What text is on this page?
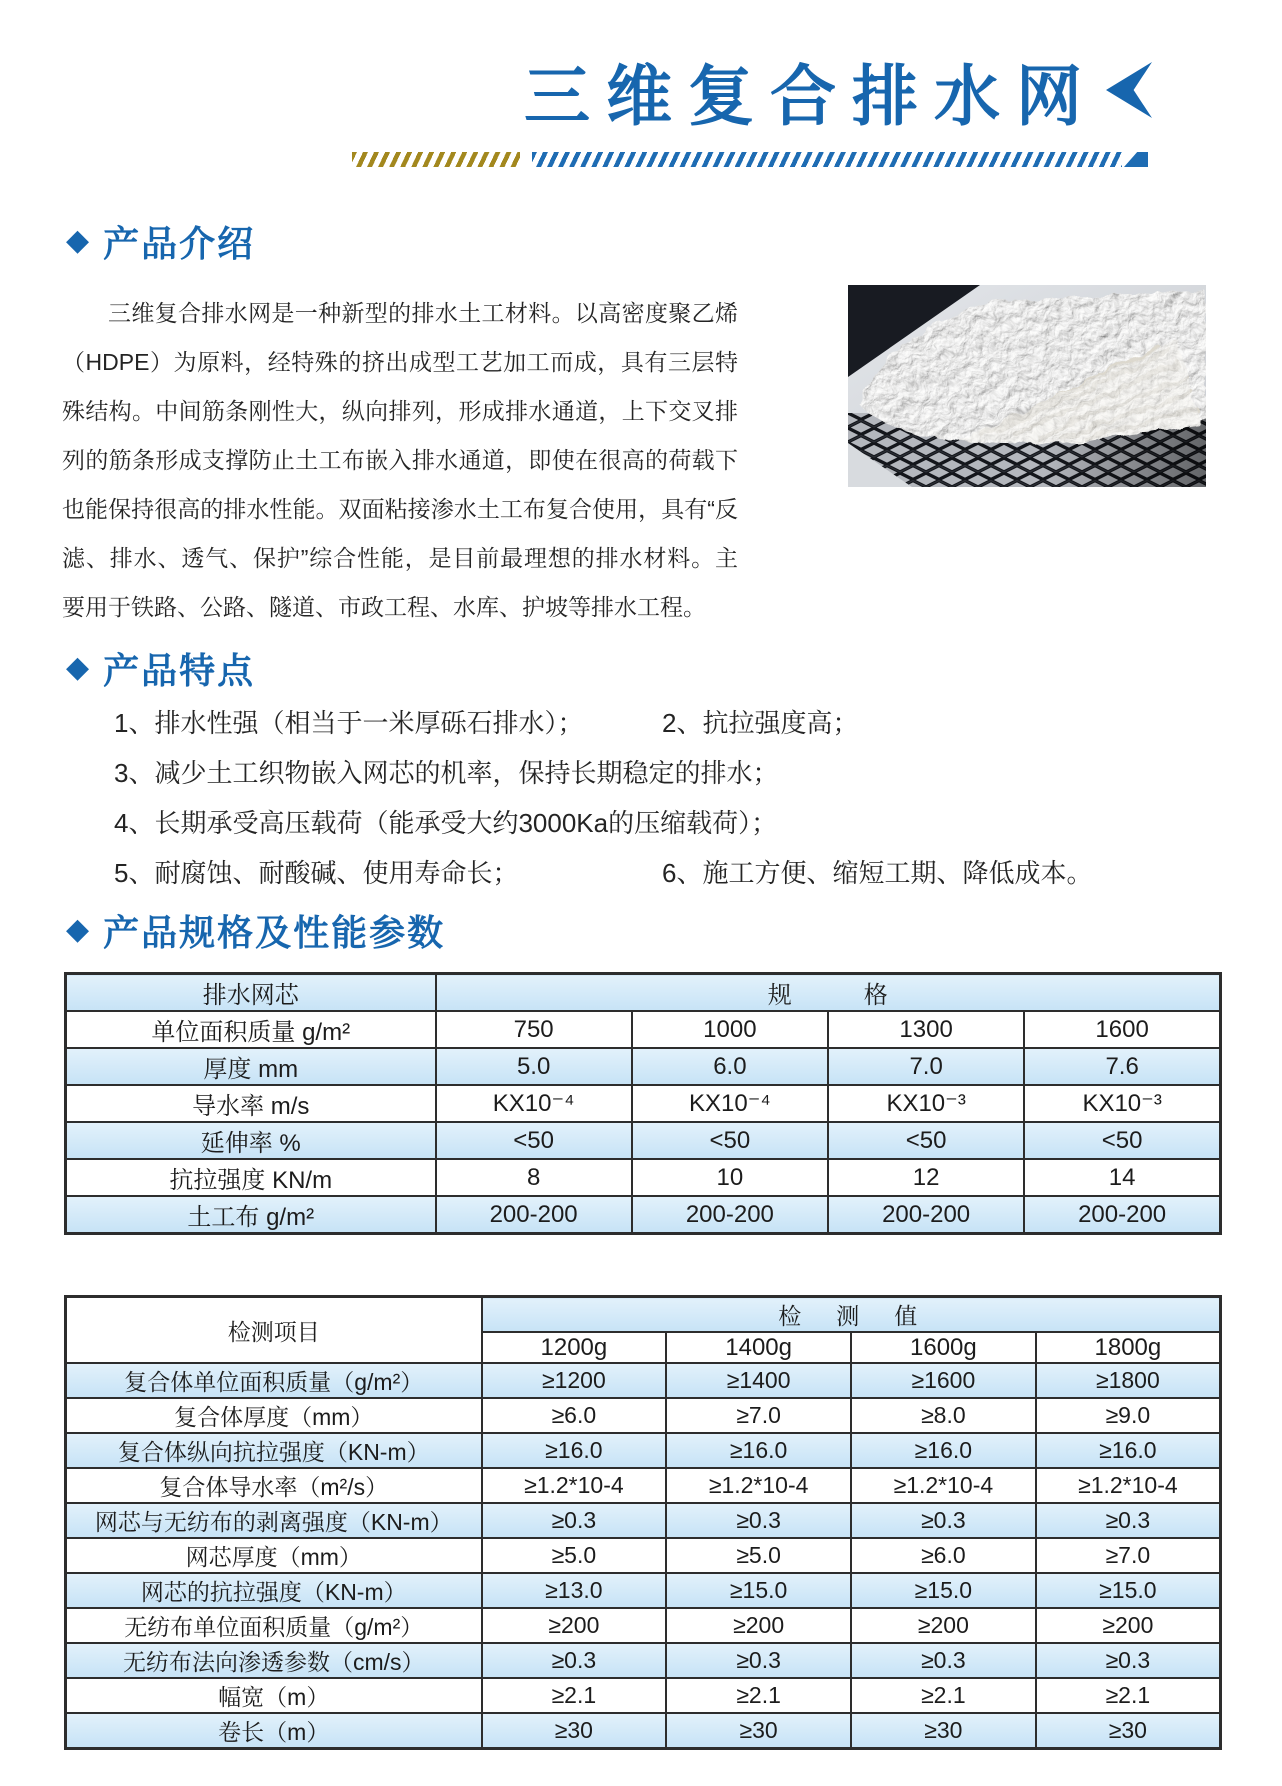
三维复合排水网
◆ 产品介绍
三维复合排水网是一种新型的排水土工材料。以高密度聚乙烯
（HDPE）为原料，经特殊的挤出成型工艺加工而成，具有三层特
殊结构。中间筋条刚性大，纵向排列，形成排水通道，上下交叉排
列的筋条形成支撑防止土工布嵌入排水通道，即使在很高的荷载下
也能保持很高的排水性能。双面粘接渗水土工布复合使用，具有“反
滤、排水、透气、保护”综合性能，是目前最理想的排水材料。主
要用于铁路、公路、隧道、市政工程、水库、护坡等排水工程。
◆ 产品特点
1、排水性强（相当于一米厚砾石排水）；	2、抗拉强度高；
3、减少土工织物嵌入网芯的机率，保持长期稳定的排水；
4、长期承受高压载荷（能承受大约3000Ka的压缩载荷）；
5、耐腐蚀、耐酸碱、使用寿命长；	6、施工方便、缩短工期、降低成本。
◆ 产品规格及性能参数
排水网芯	规　　　格			
单位面积质量 g/m²	750	1000	1300	1600
厚度 mm	5.0	6.0	7.0	7.6
导水率 m/s	KX10⁻⁴	KX10⁻⁴	KX10⁻³	KX10⁻³
延伸率 %	<50	<50	<50	<50
抗拉强度 KN/m	8	10	12	14
土工布 g/m²	200-200	200-200	200-200	200-200
检测项目	检　测　值			
	1200g	1400g	1600g	1800g
复合体单位面积质量（g/m²）	≥1200	≥1400	≥1600	≥1800
复合体厚度（mm）	≥6.0	≥7.0	≥8.0	≥9.0
复合体纵向抗拉强度（KN-m）	≥16.0	≥16.0	≥16.0	≥16.0
复合体导水率（m²/s）	≥1.2*10-4	≥1.2*10-4	≥1.2*10-4	≥1.2*10-4
网芯与无纺布的剥离强度（KN-m）	≥0.3	≥0.3	≥0.3	≥0.3
网芯厚度（mm）	≥5.0	≥5.0	≥6.0	≥7.0
网芯的抗拉强度（KN-m）	≥13.0	≥15.0	≥15.0	≥15.0
无纺布单位面积质量（g/m²）	≥200	≥200	≥200	≥200
无纺布法向渗透参数（cm/s）	≥0.3	≥0.3	≥0.3	≥0.3
幅宽（m）	≥2.1	≥2.1	≥2.1	≥2.1
卷长（m）	≥30	≥30	≥30	≥30
